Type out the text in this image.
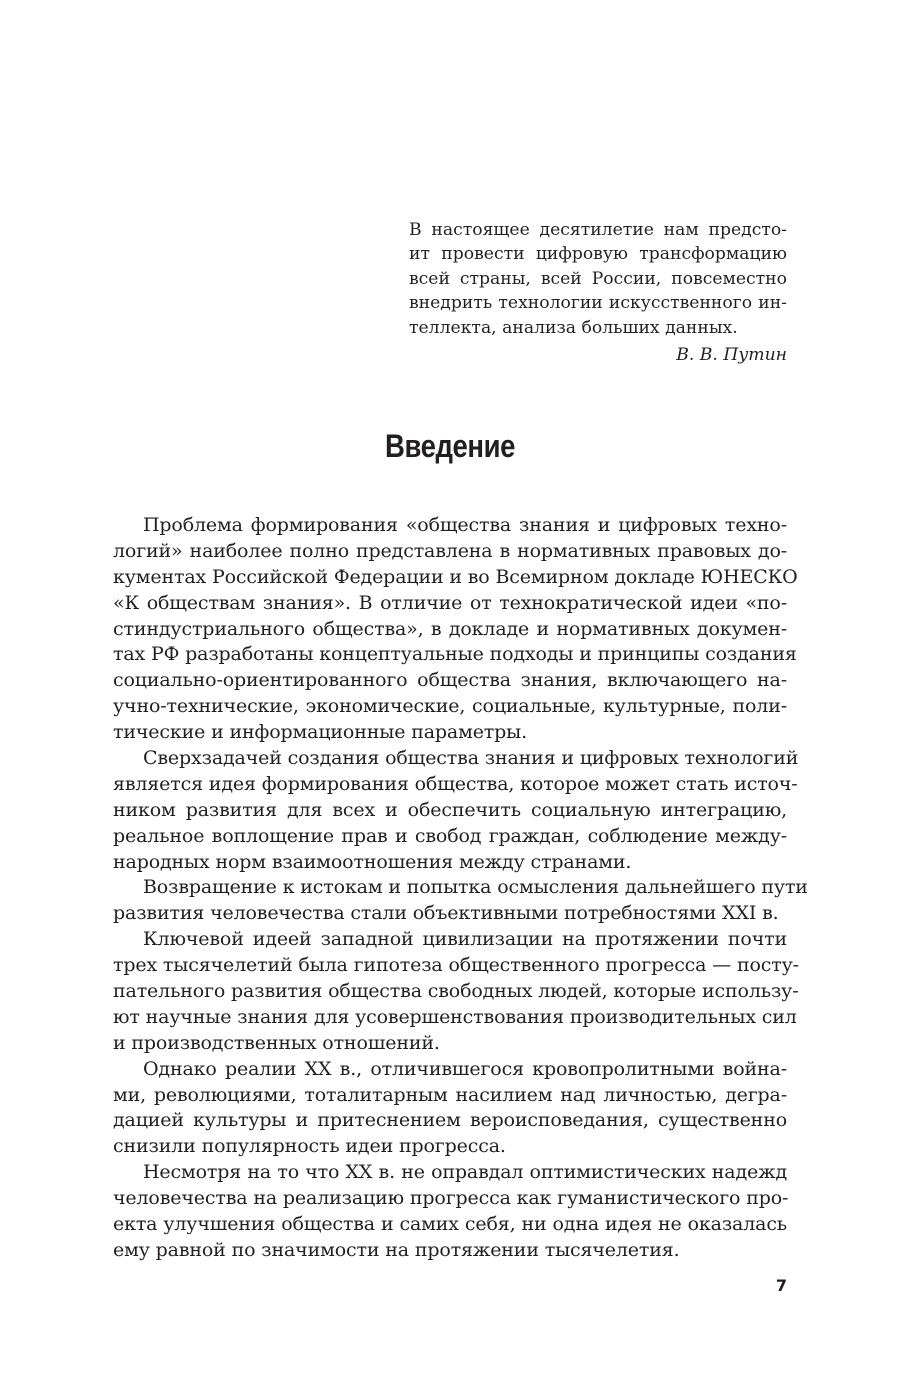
В настоящее десятилетие нам предсто-
ит провести цифровую трансформацию
всей страны, всей России, повсеместно
внедрить технологии искусственного ин-
теллекта, анализа больших данных.
В. В. Путин
Введение
Проблема формирования «общества знания и цифровых техно-
логий» наиболее полно представлена в нормативных правовых до-
кументах Российской Федерации и во Всемирном докладе ЮНЕСКО
«К обществам знания». В отличие от технократической идеи «по-
стиндустриального общества», в докладе и нормативных докумен-
тах РФ разработаны концептуальные подходы и принципы создания
социально-ориентированного общества знания, включающего на-
учно-технические, экономические, социальные, культурные, поли-
тические и информационные параметры.
Сверхзадачей создания общества знания и цифровых технологий
является идея формирования общества, которое может стать источ-
ником развития для всех и обеспечить социальную интеграцию,
реальное воплощение прав и свобод граждан, соблюдение между-
народных норм взаимоотношения между странами.
Возвращение к истокам и попытка осмысления дальнейшего пути
развития человечества стали объективными потребностями XXI в.
Ключевой идеей западной цивилизации на протяжении почти
трех тысячелетий была гипотеза общественного прогресса — посту-
пательного развития общества свободных людей, которые использу-
ют научные знания для усовершенствования производительных сил
и производственных отношений.
Однако реалии XX в., отличившегося кровопролитными война-
ми, революциями, тоталитарным насилием над личностью, дегра-
дацией культуры и притеснением вероисповедания, существенно
снизили популярность идеи прогресса.
Несмотря на то что XX в. не оправдал оптимистических надежд
человечества на реализацию прогресса как гуманистического про-
екта улучшения общества и самих себя, ни одна идея не оказалась
ему равной по значимости на протяжении тысячелетия.
7
